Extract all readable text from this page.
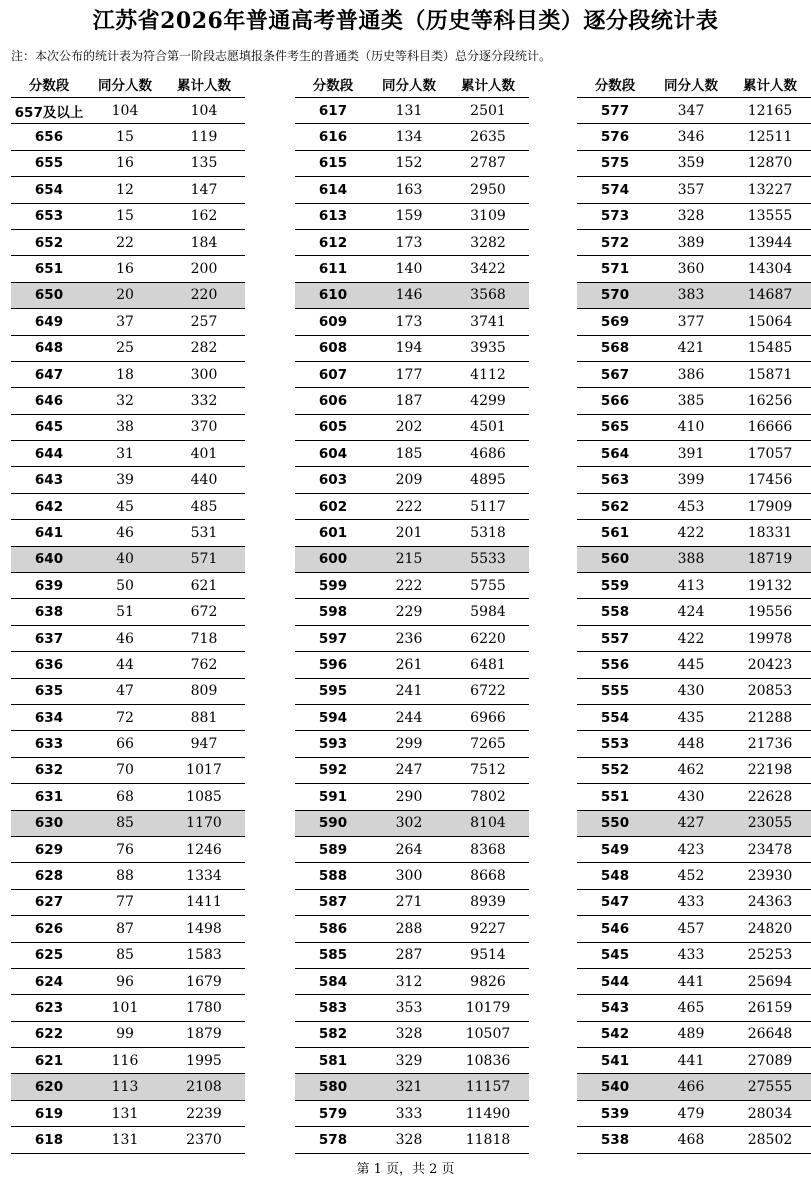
江苏省2026年普通高考普通类（历史等科目类）逐分段统计表
注：本次公布的统计表为符合第一阶段志愿填报条件考生的普通类（历史等科目类）总分逐分段统计。
分数段	同分人数	累计人数
657及以上	104	104
656	15	119
655	16	135
654	12	147
653	15	162
652	22	184
651	16	200
650	20	220
649	37	257
648	25	282
647	18	300
646	32	332
645	38	370
644	31	401
643	39	440
642	45	485
641	46	531
640	40	571
639	50	621
638	51	672
637	46	718
636	44	762
635	47	809
634	72	881
633	66	947
632	70	1017
631	68	1085
630	85	1170
629	76	1246
628	88	1334
627	77	1411
626	87	1498
625	85	1583
624	96	1679
623	101	1780
622	99	1879
621	116	1995
620	113	2108
619	131	2239
618	131	2370
分数段	同分人数	累计人数
617	131	2501
616	134	2635
615	152	2787
614	163	2950
613	159	3109
612	173	3282
611	140	3422
610	146	3568
609	173	3741
608	194	3935
607	177	4112
606	187	4299
605	202	4501
604	185	4686
603	209	4895
602	222	5117
601	201	5318
600	215	5533
599	222	5755
598	229	5984
597	236	6220
596	261	6481
595	241	6722
594	244	6966
593	299	7265
592	247	7512
591	290	7802
590	302	8104
589	264	8368
588	300	8668
587	271	8939
586	288	9227
585	287	9514
584	312	9826
583	353	10179
582	328	10507
581	329	10836
580	321	11157
579	333	11490
578	328	11818
分数段	同分人数	累计人数
577	347	12165
576	346	12511
575	359	12870
574	357	13227
573	328	13555
572	389	13944
571	360	14304
570	383	14687
569	377	15064
568	421	15485
567	386	15871
566	385	16256
565	410	16666
564	391	17057
563	399	17456
562	453	17909
561	422	18331
560	388	18719
559	413	19132
558	424	19556
557	422	19978
556	445	20423
555	430	20853
554	435	21288
553	448	21736
552	462	22198
551	430	22628
550	427	23055
549	423	23478
548	452	23930
547	433	24363
546	457	24820
545	433	25253
544	441	25694
543	465	26159
542	489	26648
541	441	27089
540	466	27555
539	479	28034
538	468	28502
第 1 页，共 2 页
